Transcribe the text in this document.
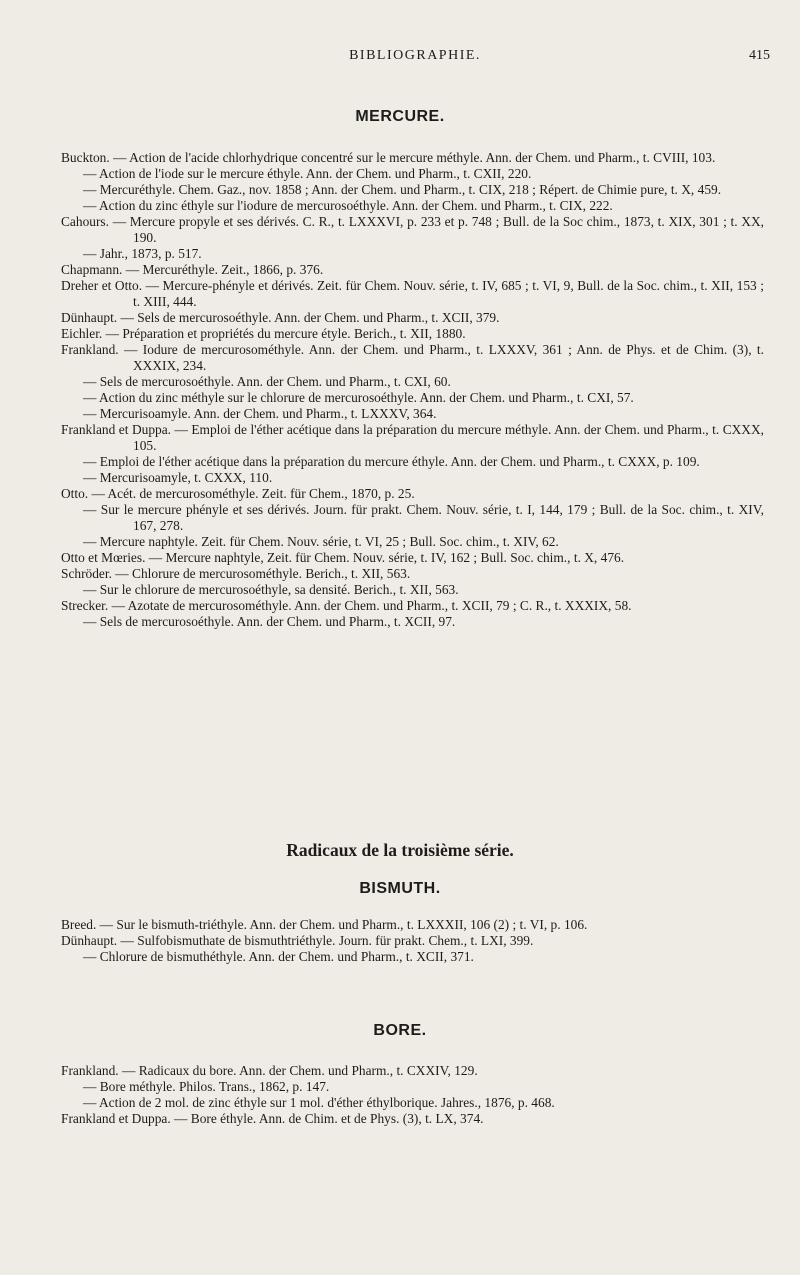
BIBLIOGRAPHIE.	415
MERCURE.
Buckton. — Action de l'acide chlorhydrique concentré sur le mercure méthyle. Ann. der Chem. und Pharm., t. CVIII, 103.
— Action de l'iode sur le mercure éthyle. Ann. der Chem. und Pharm., t. CXII, 220.
— Mercuréthyle. Chem. Gaz., nov. 1858 ; Ann. der Chem. und Pharm., t. CIX, 218 ; Répert. de Chimie pure, t. X, 459.
— Action du zinc éthyle sur l'iodure de mercurosoéthyle. Ann. der Chem. und Pharm., t. CIX, 222.
Cahours. — Mercure propyle et ses dérivés. C. R., t. LXXXVI, p. 233 et p. 748 ; Bull. de la Soc chim., 1873, t. XIX, 301 ; t. XX, 190.
— Jahr., 1873, p. 517.
Chapmann. — Mercuréthyle. Zeit., 1866, p. 376.
Dreher et Otto. — Mercure-phényle et dérivés. Zeit. für Chem. Nouv. série, t. IV, 685 ; t. VI, 9, Bull. de la Soc. chim., t. XII, 153 ; t. XIII, 444.
Dünhaupt. — Sels de mercurosoéthyle. Ann. der Chem. und Pharm., t. XCII, 379.
Eichler. — Préparation et propriétés du mercure étyle. Berich., t. XII, 1880.
Frankland. — Iodure de mercurosométhyle. Ann. der Chem. und Pharm., t. LXXXV, 361 ; Ann. de Phys. et de Chim. (3), t. XXXIX, 234.
— Sels de mercurosoéthyle. Ann. der Chem. und Pharm., t. CXI, 60.
— Action du zinc méthyle sur le chlorure de mercurosoéthyle. Ann. der Chem. und Pharm., t. CXI, 57.
— Mercurisoamyle. Ann. der Chem. und Pharm., t. LXXXV, 364.
Frankland et Duppa. — Emploi de l'éther acétique dans la préparation du mercure méthyle. Ann. der Chem. und Pharm., t. CXXX, 105.
— Emploi de l'éther acétique dans la préparation du mercure éthyle. Ann. der Chem. und Pharm., t. CXXX, p. 109.
— Mercurisoamyle, t. CXXX, 110.
Otto. — Acét. de mercurosométhyle. Zeit. für Chem., 1870, p. 25.
— Sur le mercure phényle et ses dérivés. Journ. für prakt. Chem. Nouv. série, t. I, 144, 179 ; Bull. de la Soc. chim., t. XIV, 167, 278.
— Mercure naphtyle. Zeit. für Chem. Nouv. série, t. VI, 25 ; Bull. Soc. chim., t. XIV, 62.
Otto et Mœries. — Mercure naphtyle, Zeit. für Chem. Nouv. série, t. IV, 162 ; Bull. Soc. chim., t. X, 476.
Schröder. — Chlorure de mercurosométhyle. Berich., t. XII, 563.
— Sur le chlorure de mercurosoéthyle, sa densité. Berich., t. XII, 563.
Strecker. — Azotate de mercurosométhyle. Ann. der Chem. und Pharm., t. XCII, 79 ; C. R., t. XXXIX, 58.
— Sels de mercurosoéthyle. Ann. der Chem. und Pharm., t. XCII, 97.
Radicaux de la troisième série.
BISMUTH.
Breed. — Sur le bismuth-triéthyle. Ann. der Chem. und Pharm., t. LXXXII, 106 (2) ; t. VI, p. 106.
Dünhaupt. — Sulfobismuthate de bismuthtriéthyle. Journ. für prakt. Chem., t. LXI, 399.
— Chlorure de bismuthéthyle. Ann. der Chem. und Pharm., t. XCII, 371.
BORE.
Frankland. — Radicaux du bore. Ann. der Chem. und Pharm., t. CXXIV, 129.
— Bore méthyle. Philos. Trans., 1862, p. 147.
— Action de 2 mol. de zinc éthyle sur 1 mol. d'éther éthylborique. Jahres., 1876, p. 468.
Frankland et Duppa. — Bore éthyle. Ann. de Chim. et de Phys. (3), t. LX, 374.
